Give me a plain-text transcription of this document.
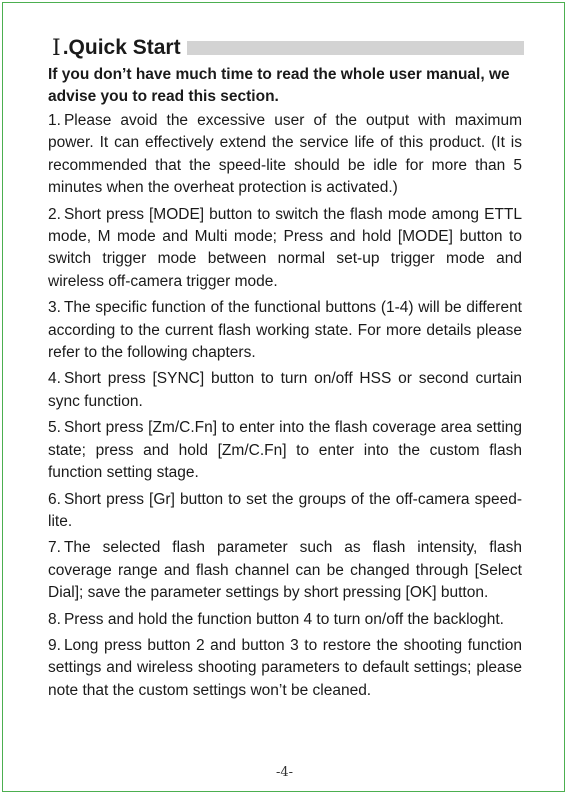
Ⅰ .Quick Start
If you don’t have much time to read the whole user manual, we advise you to read this section.
1. Please avoid the excessive user of the output with maximum power. It can effectively extend the service life of this product. (It is recommended that the speed-lite should be idle for more than 5 minutes when the overheat protection is activated.)
2. Short press [MODE] button to switch the flash mode among ETTL mode, M mode and Multi mode; Press and hold [MODE] button to switch trigger mode between normal set-up trigger mode and wireless off-camera trigger mode.
3. The specific function of the functional buttons (1-4) will be different according to the current flash working state. For more details please refer to the following chapters.
4. Short press [SYNC] button to turn on/off HSS or second curtain sync function.
5. Short press [Zm/C.Fn] to enter into the flash coverage area setting state; press and hold [Zm/C.Fn] to enter into the custom flash function setting stage.
6. Short press [Gr] button to set the groups of the off-camera speed-lite.
7. The selected flash parameter such as flash intensity, flash coverage range and flash channel can be changed through [Select Dial]; save the parameter settings by short pressing [OK] button.
8. Press and hold the function button 4 to turn on/off the backloght.
9. Long press button 2 and button 3 to restore the shooting function settings and wireless shooting parameters to default settings; please note that the custom settings won’t be cleaned.
-4-
